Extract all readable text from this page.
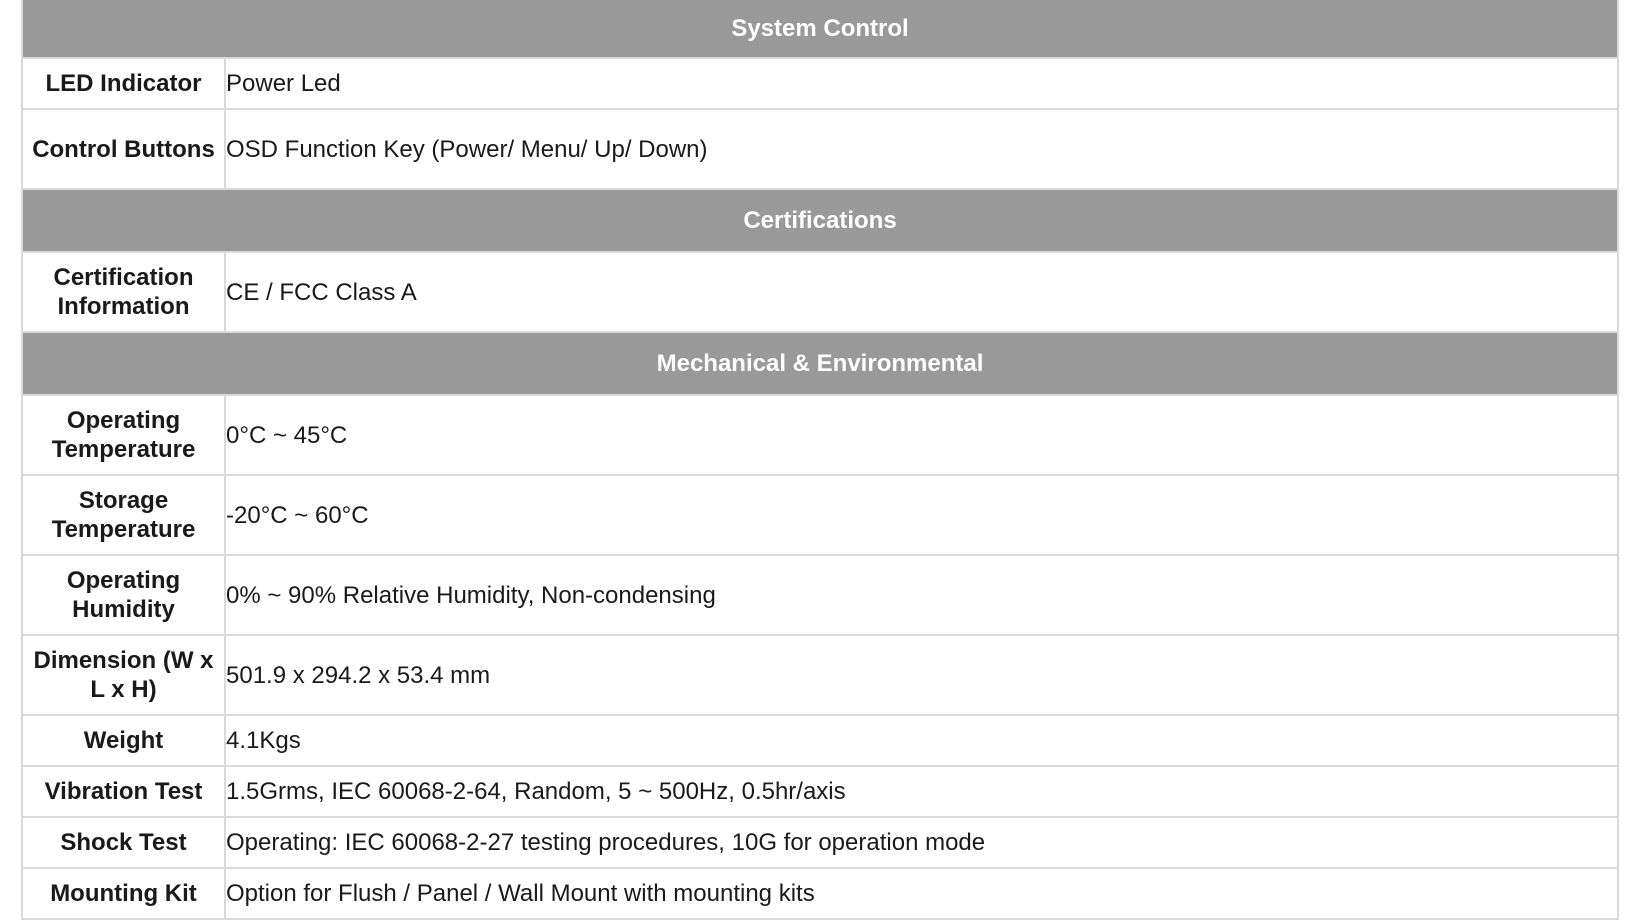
System Control	
LED Indicator	Power Led
Control Buttons	OSD Function Key (Power/ Menu/ Up/ Down)
Certifications	
Certification Information	CE / FCC Class A
Mechanical & Environmental	
Operating Temperature	0°C ~ 45°C
Storage Temperature	-20°C ~ 60°C
Operating Humidity	0% ~ 90% Relative Humidity, Non-condensing
Dimension (W x L x H)	501.9 x 294.2 x 53.4 mm
Weight	4.1Kgs
Vibration Test	1.5Grms, IEC 60068-2-64, Random, 5 ~ 500Hz, 0.5hr/axis
Shock Test	Operating: IEC 60068-2-27 testing procedures, 10G for operation mode
Mounting Kit	Option for Flush / Panel / Wall Mount with mounting kits
